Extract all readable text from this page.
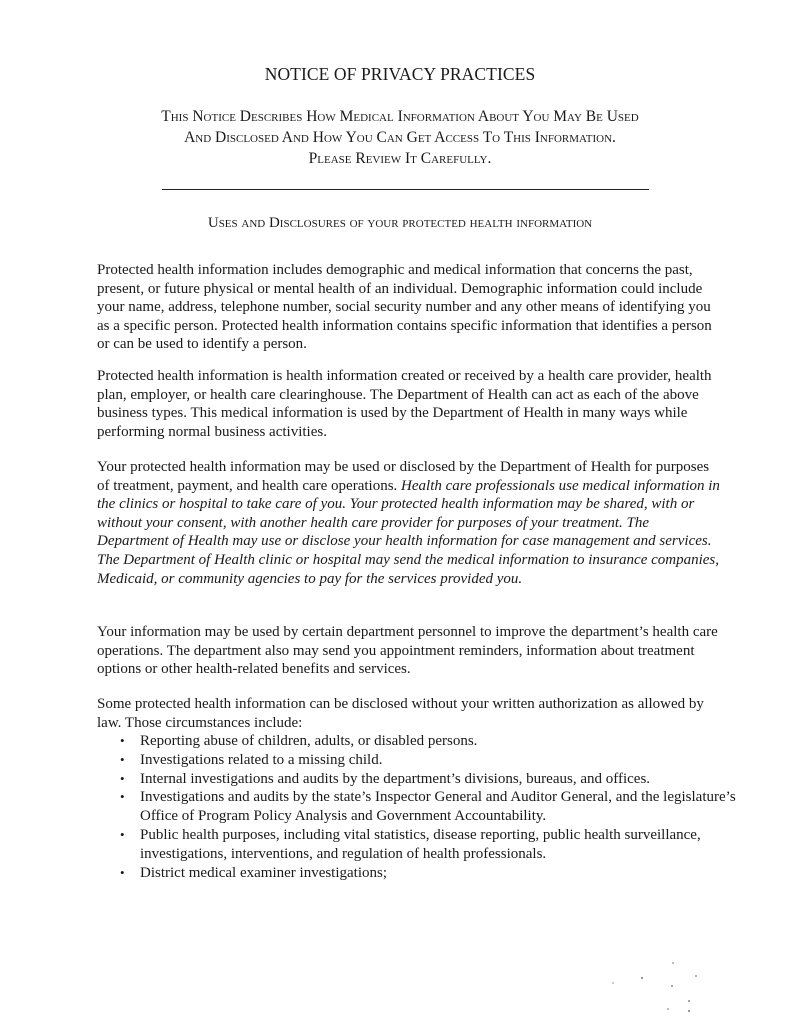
NOTICE OF PRIVACY PRACTICES
This Notice Describes How Medical Information About You May Be Used
And Disclosed And How You Can Get Access To This Information.
Please Review It Carefully.
Uses and Disclosures of your protected health information

Protected health information includes demographic and medical information that concerns the past, present, or future physical or mental health of an individual. Demographic information could include your name, address, telephone number, social security number and any other means of identifying you as a specific person. Protected health information contains specific information that identifies a person or can be used to identify a person.

Protected health information is health information created or received by a health care provider, health plan, employer, or health care clearinghouse. The Department of Health can act as each of the above business types. This medical information is used by the Department of Health in many ways while performing normal business activities.

Your protected health information may be used or disclosed by the Department of Health for purposes of treatment, payment, and health care operations. Health care professionals use medical information in the clinics or hospital to take care of you. Your protected health information may be shared, with or without your consent, with another health care provider for purposes of your treatment. The Department of Health may use or disclose your health information for case management and services. The Department of Health clinic or hospital may send the medical information to insurance companies, Medicaid, or community agencies to pay for the services provided you.

Your information may be used by certain department personnel to improve the department’s health care operations. The department also may send you appointment reminders, information about treatment options or other health-related benefits and services.

Some protected health information can be disclosed without your written authorization as allowed by law. Those circumstances include:

• Reporting abuse of children, adults, or disabled persons.
• Investigations related to a missing child.
• Internal investigations and audits by the department’s divisions, bureaus, and offices.
• Investigations and audits by the state’s Inspector General and Auditor General, and the legislature’s Office of Program Policy Analysis and Government Accountability.
• Public health purposes, including vital statistics, disease reporting, public health surveillance, investigations, interventions, and regulation of health professionals.
• District medical examiner investigations;
